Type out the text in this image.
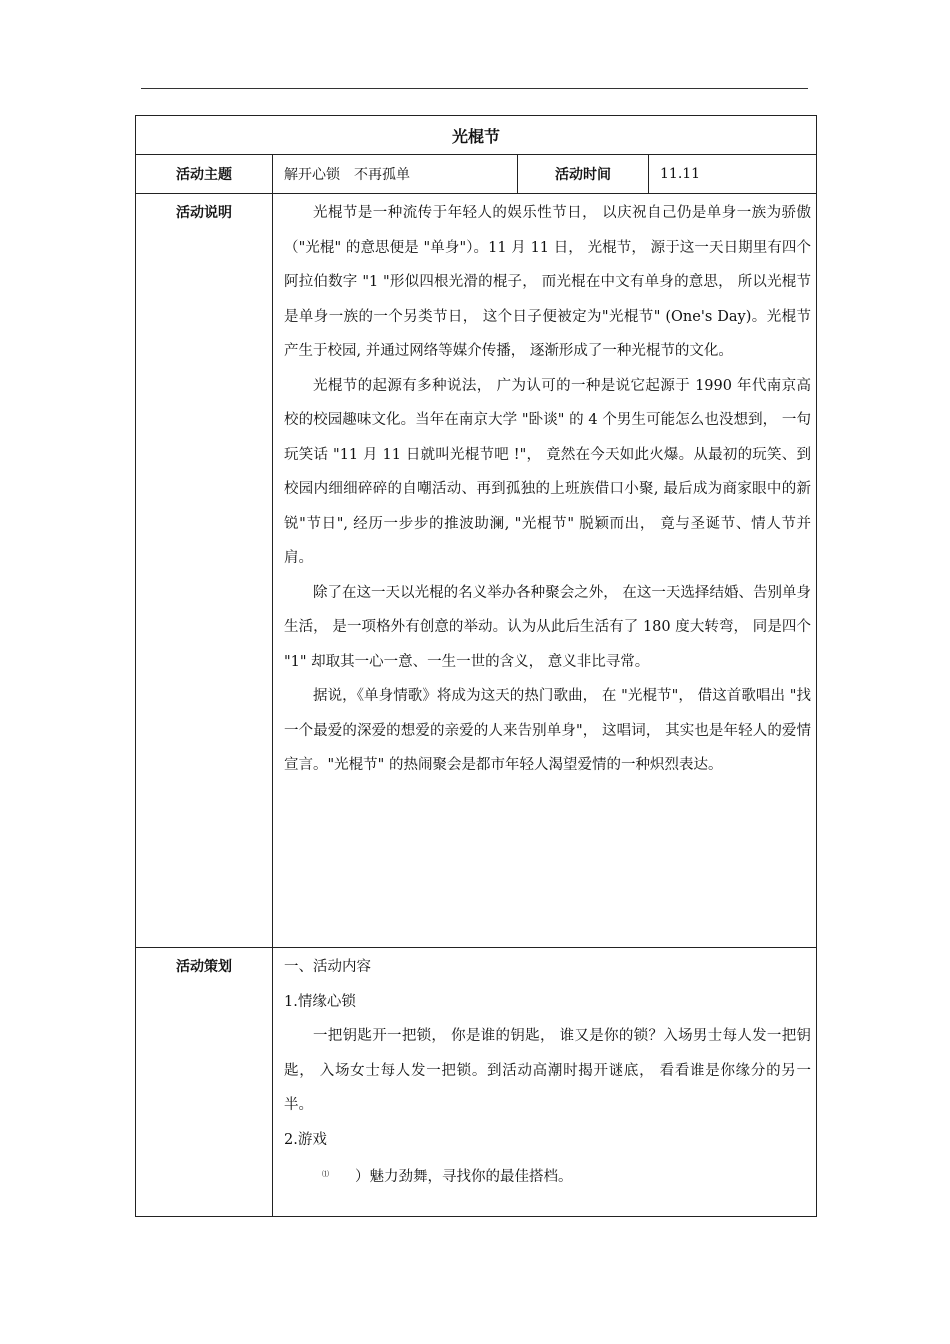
光棍节			
活动主题	解开心锁　不再孤单	活动时间	11.11
活动说明	光棍节是一种流传于年轻人的娱乐性节日， 以庆祝自己仍是单身一族为骄傲（"光棍" 的意思便是 "单身"）。11 月 11 日， 光棍节， 源于这一天日期里有四个阿拉伯数字 "1 "形似四根光滑的棍子， 而光棍在中文有单身的意思， 所以光棍节是单身一族的一个另类节日， 这个日子便被定为"光棍节" (One's Day)。光棍节产生于校园, 并通过网络等媒介传播， 逐渐形成了一种光棍节的文化。

光棍节的起源有多种说法， 广为认可的一种是说它起源于 1990 年代南京高校的校园趣味文化。当年在南京大学 "卧谈" 的 4 个男生可能怎么也没想到， 一句玩笑话 "11 月 11 日就叫光棍节吧 !"， 竟然在今天如此火爆。从最初的玩笑、到校园内细细碎碎的自嘲活动、再到孤独的上班族借口小聚, 最后成为商家眼中的新锐"节日", 经历一步步的推波助澜, "光棍节" 脱颖而出， 竟与圣诞节、情人节并肩。

除了在这一天以光棍的名义举办各种聚会之外， 在这一天选择结婚、告别单身生活， 是一项格外有创意的举动。认为从此后生活有了 180 度大转弯， 同是四个 "1" 却取其一心一意、一生一世的含义， 意义非比寻常。

据说，《单身情歌》将成为这天的热门歌曲， 在 "光棍节"， 借这首歌唱出 "找一个最爱的深爱的想爱的亲爱的人来告别单身"， 这唱词， 其实也是年轻人的爱情宣言。"光棍节" 的热闹聚会是都市年轻人渴望爱情的一种炽烈表达。		

活动策划	一、活动内容

1.情缘心锁

一把钥匙开一把锁， 你是谁的钥匙， 谁又是你的锁？入场男士每人发一把钥匙， 入场女士每人发一把锁。到活动高潮时揭开谜底， 看看谁是你缘分的另一半。

2.游戏

⑴ ）魅力劲舞，寻找你的最佳搭档。		
